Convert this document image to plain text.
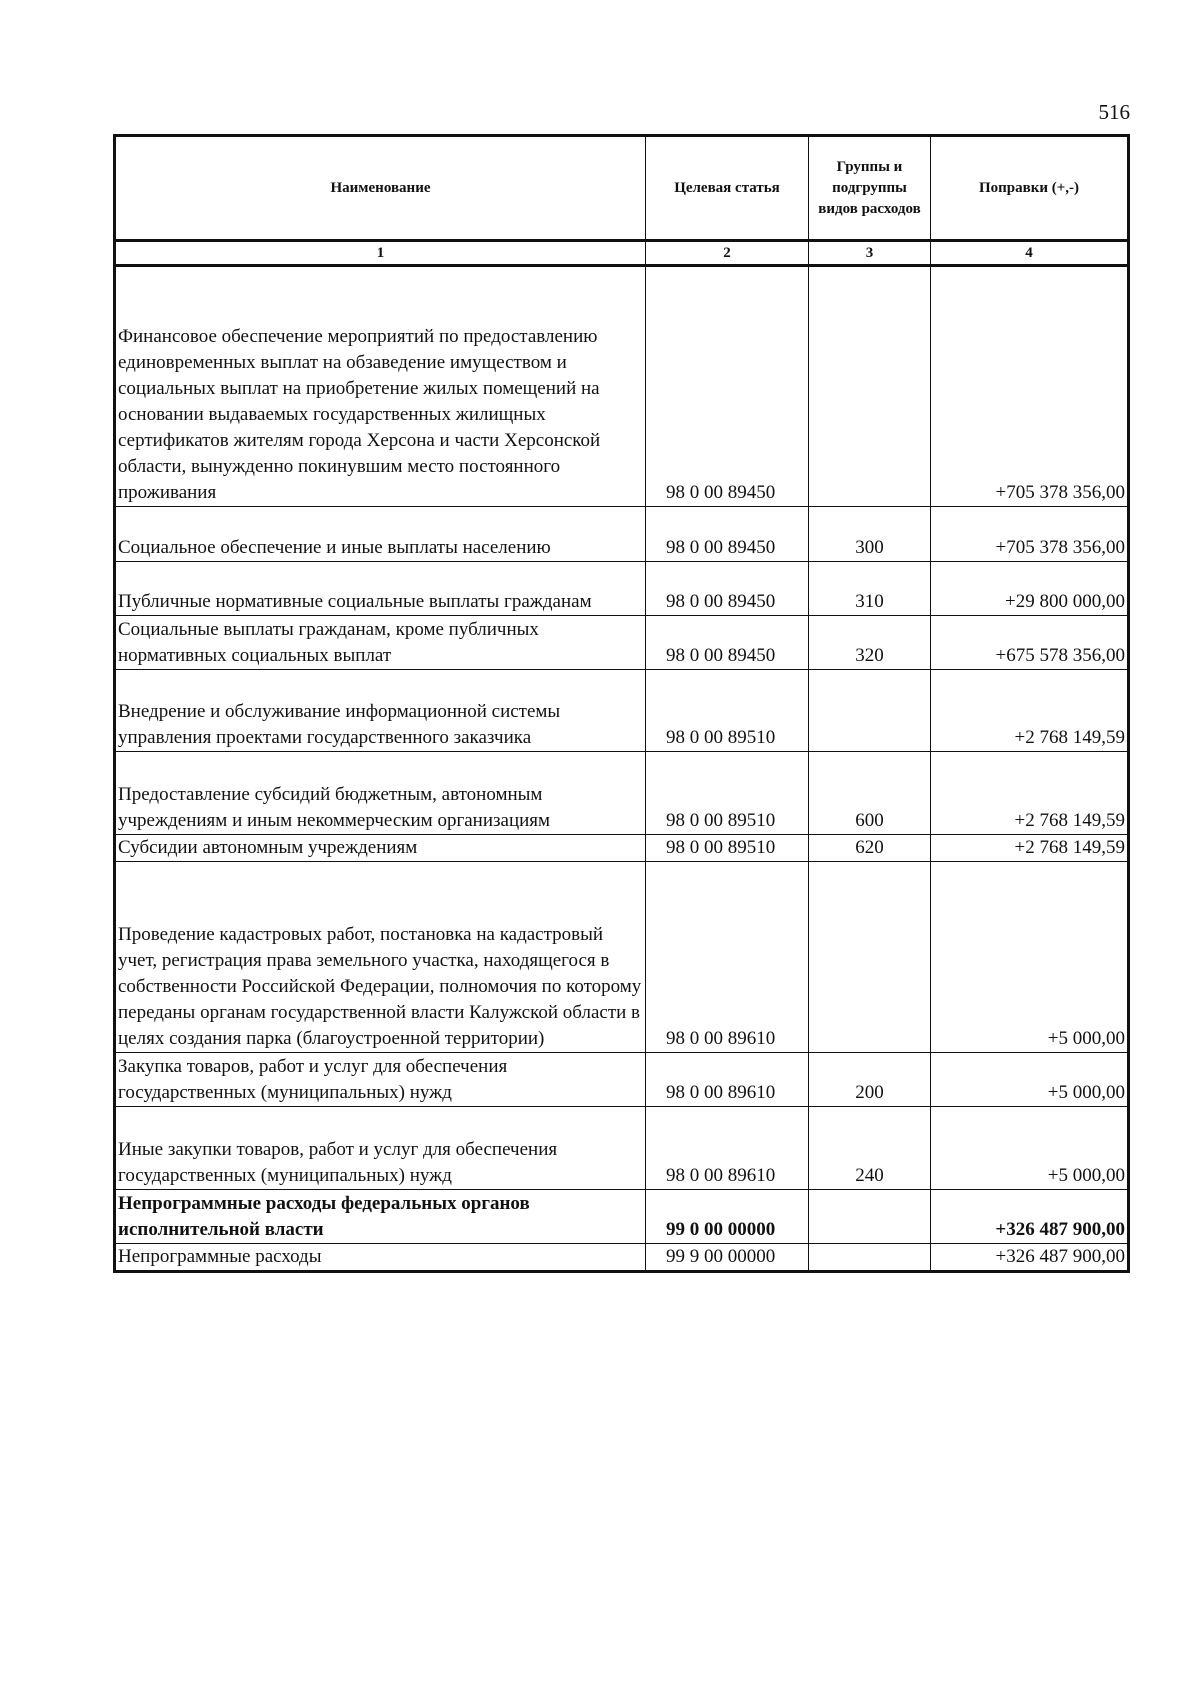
516
Наименование	Целевая статья	Группы и подгруппы видов расходов	Поправки (+,-)
1	2	3	4
Финансовое обеспечение мероприятий по предоставлению единовременных выплат на обзаведение имуществом и социальных выплат на приобретение жилых помещений на основании выдаваемых государственных жилищных сертификатов жителям города Херсона и части Херсонской области, вынужденно покинувшим место постоянного проживания	98 0 00 89450		+705 378 356,00
Социальное обеспечение и иные выплаты населению	98 0 00 89450	300	+705 378 356,00
Публичные нормативные социальные выплаты гражданам	98 0 00 89450	310	+29 800 000,00
Социальные выплаты гражданам, кроме публичных нормативных социальных выплат	98 0 00 89450	320	+675 578 356,00
Внедрение и обслуживание информационной системы управления проектами государственного заказчика	98 0 00 89510		+2 768 149,59
Предоставление субсидий бюджетным, автономным учреждениям и иным некоммерческим организациям	98 0 00 89510	600	+2 768 149,59
Субсидии автономным учреждениям	98 0 00 89510	620	+2 768 149,59
Проведение кадастровых работ, постановка на кадастровый учет, регистрация права земельного участка, находящегося в собственности Российской Федерации, полномочия по которому переданы органам государственной власти Калужской области в целях создания парка (благоустроенной территории)	98 0 00 89610		+5 000,00
Закупка товаров, работ и услуг для обеспечения государственных (муниципальных) нужд	98 0 00 89610	200	+5 000,00
Иные закупки товаров, работ и услуг для обеспечения государственных (муниципальных) нужд	98 0 00 89610	240	+5 000,00
Непрограммные расходы федеральных органов исполнительной власти	99 0 00 00000		+326 487 900,00
Непрограммные расходы	99 9 00 00000		+326 487 900,00
